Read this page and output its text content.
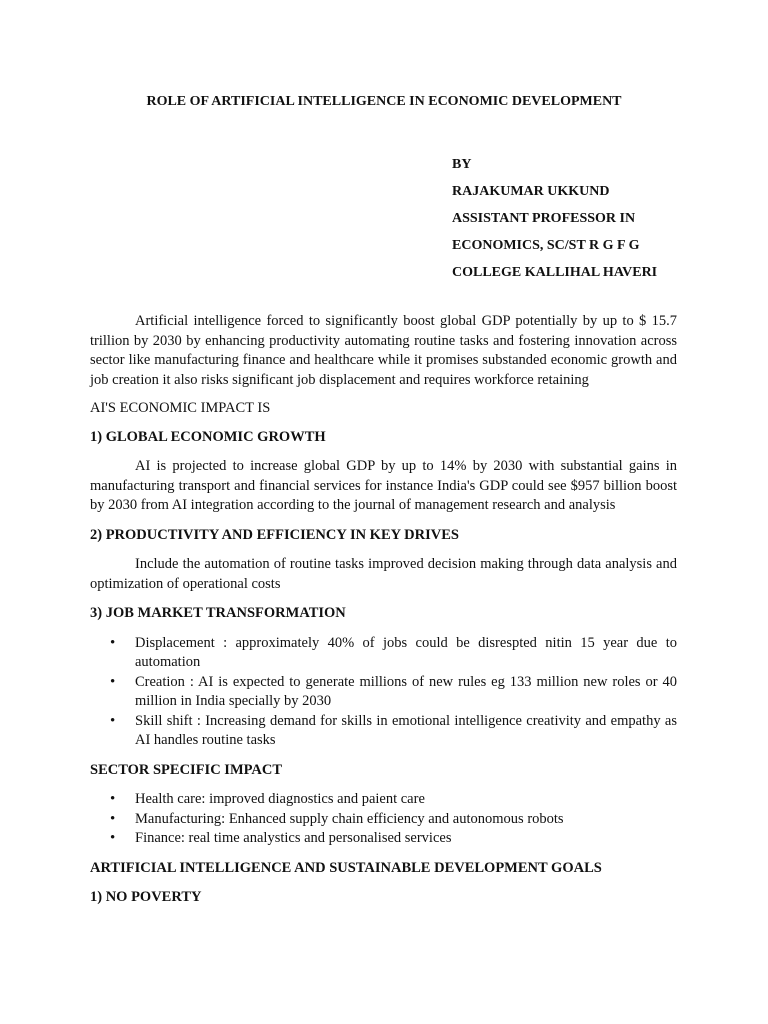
ROLE OF ARTIFICIAL INTELLIGENCE IN ECONOMIC DEVELOPMENT
BY
RAJAKUMAR UKKUND
ASSISTANT PROFESSOR IN
ECONOMICS, SC/ST R G F G
COLLEGE KALLIHAL HAVERI

Artificial intelligence forced to significantly boost global GDP potentially by up to $ 15.7 trillion by 2030 by enhancing productivity automating routine tasks and fostering innovation across sector like manufacturing finance and healthcare while it promises substanded economic growth and job creation it also risks significant job displacement and requires workforce retaining

AI'S ECONOMIC IMPACT IS
1) GLOBAL ECONOMIC GROWTH

AI is projected to increase global GDP by up to 14% by 2030 with substantial gains in manufacturing transport and financial services for instance India's GDP could see $957 billion boost by 2030 from AI integration according to the journal of management research and analysis

2) PRODUCTIVITY AND EFFICIENCY IN KEY DRIVES

Include the automation of routine tasks improved decision making through data analysis and optimization of operational costs

3) JOB MARKET TRANSFORMATION
• Displacement : approximately 40% of jobs could be disrespted nitin 15 year due to automation
• Creation : AI is expected to generate millions of new rules eg 133 million new roles or 40 million in India specially by 2030
• Skill shift : Increasing demand for skills in emotional intelligence creativity and empathy as AI handles routine tasks
SECTOR SPECIFIC IMPACT
• Health care: improved diagnostics and paient care
• Manufacturing: Enhanced supply chain efficiency and autonomous robots
• Finance: real time analystics and personalised services
ARTIFICIAL INTELLIGENCE AND SUSTAINABLE DEVELOPMENT GOALS
1) NO POVERTY
